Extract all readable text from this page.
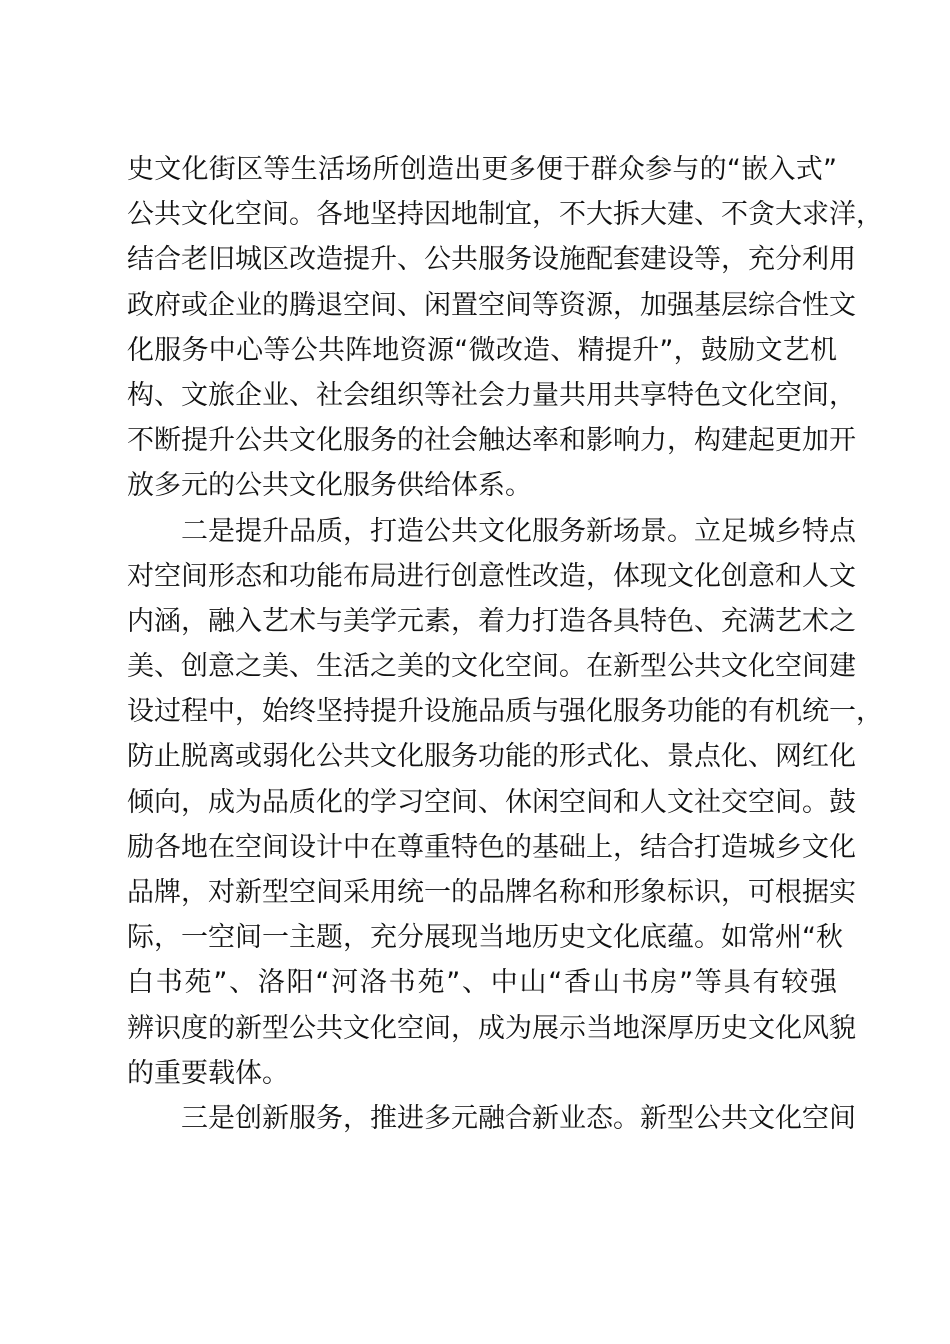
史文化街区等生活场所创造出更多便于群众参与的“嵌入式”
公共文化空间。各地坚持因地制宜，不大拆大建、不贪大求洋，
结合老旧城区改造提升、公共服务设施配套建设等，充分利用
政府或企业的腾退空间、闲置空间等资源，加强基层综合性文
化服务中心等公共阵地资源“微改造、精提升”，鼓励文艺机
构、文旅企业、社会组织等社会力量共用共享特色文化空间，
不断提升公共文化服务的社会触达率和影响力，构建起更加开
放多元的公共文化服务供给体系。
二是提升品质，打造公共文化服务新场景。立足城乡特点
对空间形态和功能布局进行创意性改造，体现文化创意和人文
内涵，融入艺术与美学元素，着力打造各具特色、充满艺术之
美、创意之美、生活之美的文化空间。在新型公共文化空间建
设过程中，始终坚持提升设施品质与强化服务功能的有机统一，
防止脱离或弱化公共文化服务功能的形式化、景点化、网红化
倾向，成为品质化的学习空间、休闲空间和人文社交空间。鼓
励各地在空间设计中在尊重特色的基础上，结合打造城乡文化
品牌，对新型空间采用统一的品牌名称和形象标识，可根据实
际，一空间一主题，充分展现当地历史文化底蕴。如常州“秋
白书苑”、洛阳“河洛书苑”、中山“香山书房”等具有较强
辨识度的新型公共文化空间，成为展示当地深厚历史文化风貌
的重要载体。
三是创新服务，推进多元融合新业态。新型公共文化空间
